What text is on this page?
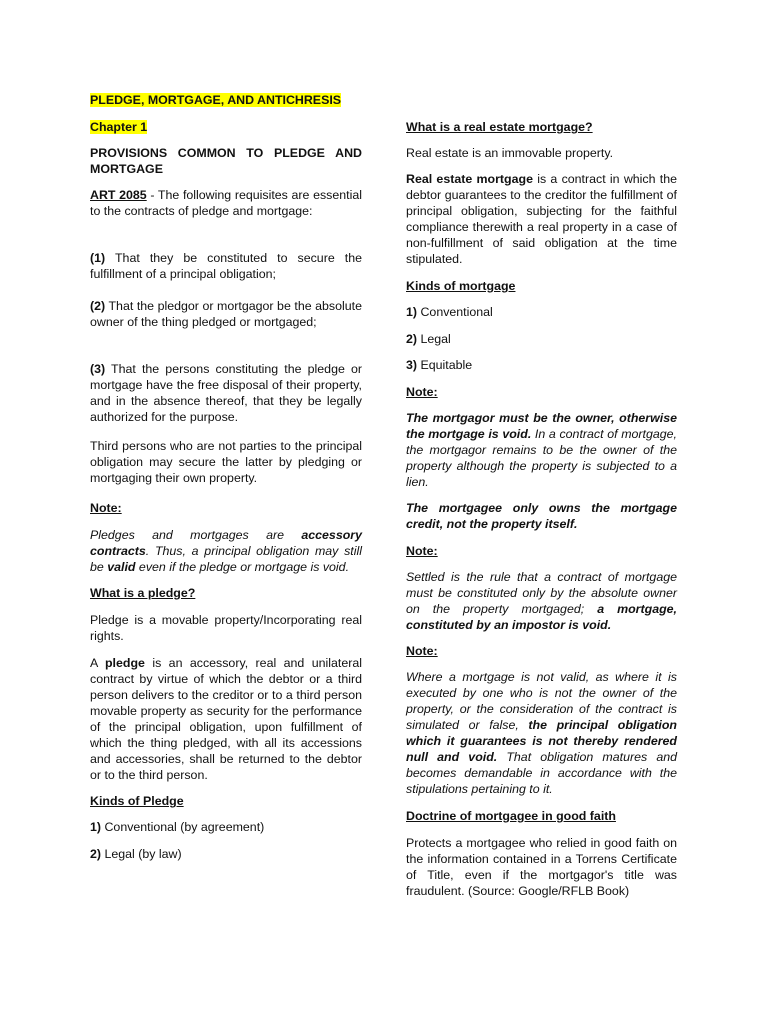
PLEDGE, MORTGAGE, AND ANTICHRESIS

Chapter 1

PROVISIONS COMMON TO PLEDGE AND MORTGAGE

ART 2085 - The following requisites are essential to the contracts of pledge and mortgage:

(1) That they be constituted to secure the fulfillment of a principal obligation;

(2) That the pledgor or mortgagor be the absolute owner of the thing pledged or mortgaged;

(3) That the persons constituting the pledge or mortgage have the free disposal of their property, and in the absence thereof, that they be legally authorized for the purpose.

Third persons who are not parties to the principal obligation may secure the latter by pledging or mortgaging their own property.

Note:

Pledges and mortgages are accessory contracts. Thus, a principal obligation may still be valid even if the pledge or mortgage is void.

What is a pledge?

Pledge is a movable property/Incorporating real rights.

A pledge is an accessory, real and unilateral contract by virtue of which the debtor or a third person delivers to the creditor or to a third person movable property as security for the performance of the principal obligation, upon fulfillment of which the thing pledged, with all its accessions and accessories, shall be returned to the debtor or to the third person.

Kinds of Pledge

1) Conventional (by agreement)

2) Legal (by law)

What is a real estate mortgage?

Real estate is an immovable property.

Real estate mortgage is a contract in which the debtor guarantees to the creditor the fulfillment of principal obligation, subjecting for the faithful compliance therewith a real property in a case of non-fulfillment of said obligation at the time stipulated.

Kinds of mortgage

1) Conventional

2) Legal

3) Equitable

Note:

The mortgagor must be the owner, otherwise the mortgage is void. In a contract of mortgage, the mortgagor remains to be the owner of the property although the property is subjected to a lien.

The mortgagee only owns the mortgage credit, not the property itself.

Note:

Settled is the rule that a contract of mortgage must be constituted only by the absolute owner on the property mortgaged; a mortgage, constituted by an impostor is void.

Note:

Where a mortgage is not valid, as where it is executed by one who is not the owner of the property, or the consideration of the contract is simulated or false, the principal obligation which it guarantees is not thereby rendered null and void. That obligation matures and becomes demandable in accordance with the stipulations pertaining to it.

Doctrine of mortgagee in good faith

Protects a mortgagee who relied in good faith on the information contained in a Torrens Certificate of Title, even if the mortgagor's title was fraudulent. (Source: Google/RFLB Book)
